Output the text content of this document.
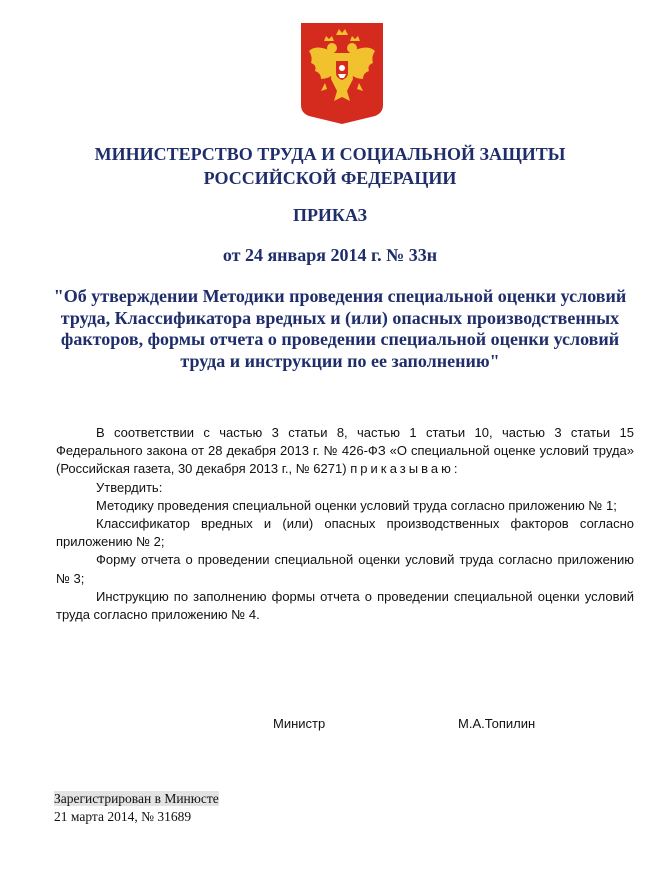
МИНИСТЕРСТВО ТРУДА И СОЦИАЛЬНОЙ ЗАЩИТЫ
РОССИЙСКОЙ ФЕДЕРАЦИИ
ПРИКАЗ
от 24 января 2014 г. № 33н
"Об утверждении Методики проведения специальной оценки условий труда, Классификатора вредных и (или) опасных производственных факторов, формы отчета о проведении специальной оценки условий труда и инструкции по ее заполнению"

В соответствии с частью 3 статьи 8, частью 1 статьи 10, частью 3 статьи 15 Федерального закона от 28 декабря 2013 г. № 426-ФЗ «О специальной оценке условий труда» (Российская газета, 30 декабря 2013 г., № 6271) приказываю:

Утвердить:

Методику проведения специальной оценки условий труда согласно приложению № 1;

Классификатор вредных и (или) опасных производственных факторов согласно приложению № 2;

Форму отчета о проведении специальной оценки условий труда согласно приложению № 3;

Инструкцию по заполнению формы отчета о проведении специальной оценки условий труда согласно приложению № 4.

Министр	М.А.Топилин
Зарегистрирован в Минюсте
21 марта 2014, № 31689
